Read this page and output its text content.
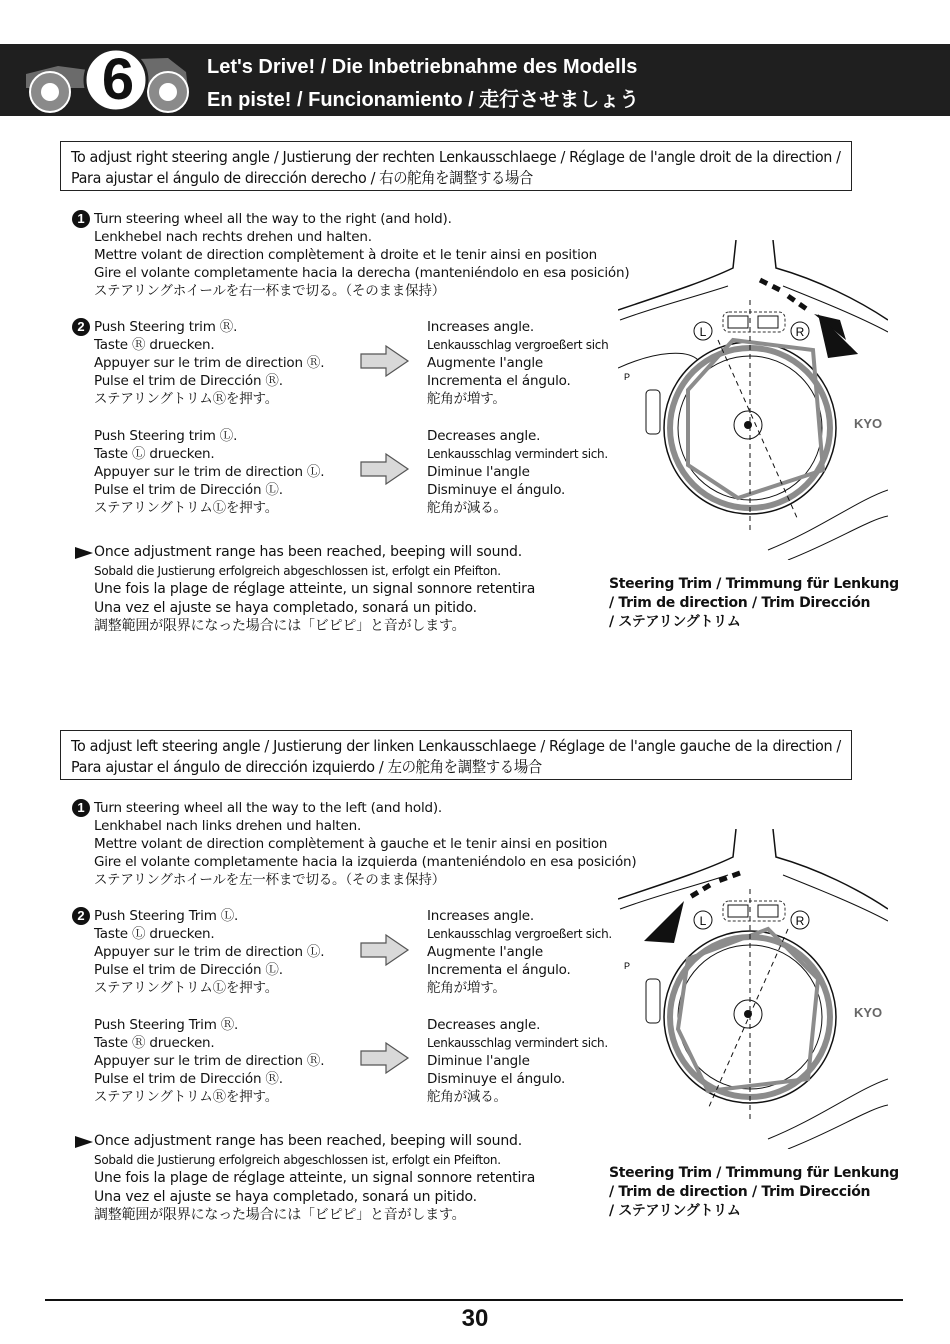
6	Let's Drive! / Die Inbetriebnahme des Modells
En piste! / Funcionamiento / 走行させましょう
To adjust right steering angle / Justierung der rechten Lenkausschlaege / Réglage de l'angle droit de la direction /
Para ajustar el ángulo de dirección derecho / 右の舵角を調整する場合
1 Turn steering wheel all the way to the right (and hold).
Lenkhebel nach rechts drehen und halten.
Mettre volant de direction complètement à droite et le tenir ainsi en position
Gire el volante completamente hacia la derecha (manteniéndolo en esa posición)
ステアリングホイールを右一杯まで切る。（そのまま保持）
2 Push Steering trim Ⓡ.
Taste Ⓡ druecken.
Appuyer sur le trim de direction Ⓡ.
Pulse el trim de Dirección Ⓡ.
ステアリングトリムⓇを押す。
Increases angle.
Lenkausschlag vergroeßert sich
Augmente l'angle
Incrementa el ángulo.
舵角が増す。
Push Steering trim Ⓛ.
Taste Ⓛ druecken.
Appuyer sur le trim de direction Ⓛ.
Pulse el trim de Dirección Ⓛ.
ステアリングトリムⓁを押す。
Decreases angle.
Lenkausschlag vermindert sich.
Diminue l'angle
Disminuye el ángulo.
舵角が減る。
Once adjustment range has been reached, beeping will sound.
Sobald die Justierung erfolgreich abgeschlossen ist, erfolgt ein Pfeifton.
Une fois la plage de réglage atteinte, un signal sonnore retentira
Una vez el ajuste se haya completado, sonará un pitido.
調整範囲が限界になった場合には「ビピピ」と音がします。
L	R
P
KYO
Steering Trim / Trimmung für Lenkung
/ Trim de direction / Trim Dirección
/ ステアリングトリム
To adjust left steering angle / Justierung der linken Lenkausschlaege / Réglage de l'angle gauche de la direction /
Para ajustar el ángulo de dirección izquierdo / 左の舵角を調整する場合
1 Turn steering wheel all the way to the left (and hold).
Lenkhabel nach links drehen und halten.
Mettre volant de direction complètement à gauche et le tenir ainsi en position
Gire el volante completamente hacia la izquierda (manteniéndolo en esa posición)
ステアリングホイールを左一杯まで切る。（そのまま保持）
2 Push Steering Trim Ⓛ.
Taste Ⓛ druecken.
Appuyer sur le trim de direction Ⓛ.
Pulse el trim de Dirección Ⓛ.
ステアリングトリムⓁを押す。
Increases angle.
Lenkausschlag vergroeßert sich.
Augmente l'angle
Incrementa el ángulo.
舵角が増す。
Push Steering Trim Ⓡ.
Taste Ⓡ druecken.
Appuyer sur le trim de direction Ⓡ.
Pulse el trim de Dirección Ⓡ.
ステアリングトリムⓇを押す。
Decreases angle.
Lenkausschlag vermindert sich.
Diminue l'angle
Disminuye el ángulo.
舵角が減る。
Once adjustment range has been reached, beeping will sound.
Sobald die Justierung erfolgreich abgeschlossen ist, erfolgt ein Pfeifton.
Une fois la plage de réglage atteinte, un signal sonnore retentira
Una vez el ajuste se haya completado, sonará un pitido.
調整範囲が限界になった場合には「ビピピ」と音がします。
L	R
P
KYO
Steering Trim / Trimmung für Lenkung
/ Trim de direction / Trim Dirección
/ ステアリングトリム
30
